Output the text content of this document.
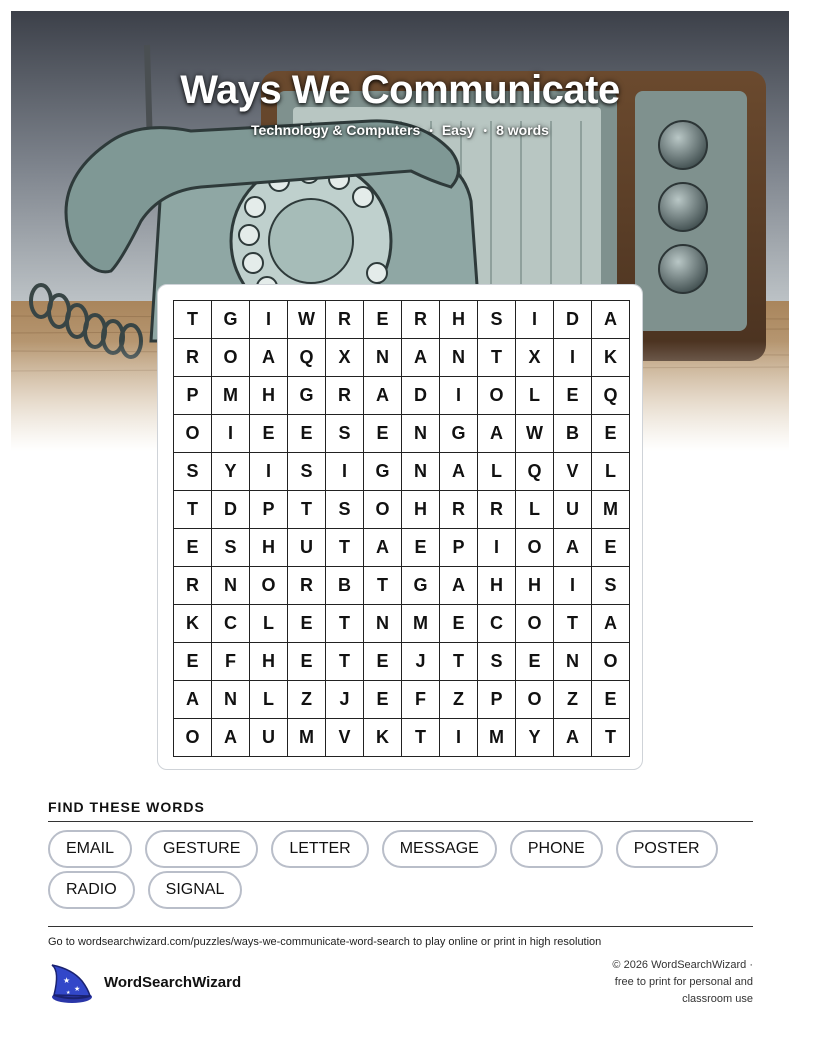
Ways We Communicate
Technology & Computers • Easy • 8 words
T	G	I	W	R	E	R	H	S	I	D	A
R	O	A	Q	X	N	A	N	T	X	I	K
P	M	H	G	R	A	D	I	O	L	E	Q
O	I	E	E	S	E	N	G	A	W	B	E
S	Y	I	S	I	G	N	A	L	Q	V	L
T	D	P	T	S	O	H	R	R	L	U	M
E	S	H	U	T	A	E	P	I	O	A	E
R	N	O	R	B	T	G	A	H	H	I	S
K	C	L	E	T	N	M	E	C	O	T	A
E	F	H	E	T	E	J	T	S	E	N	O
A	N	L	Z	J	E	F	Z	P	O	Z	E
O	A	U	M	V	K	T	I	M	Y	A	T
FIND THESE WORDS
EMAIL	GESTURE	LETTER	MESSAGE	PHONE	POSTER
RADIO	SIGNAL
Go to wordsearchwizard.com/puzzles/ways-we-communicate-word-search to play online or print in high resolution
★
★
★
WordSearchWizard
© 2026 WordSearchWizard ·
free to print for personal and
classroom use
